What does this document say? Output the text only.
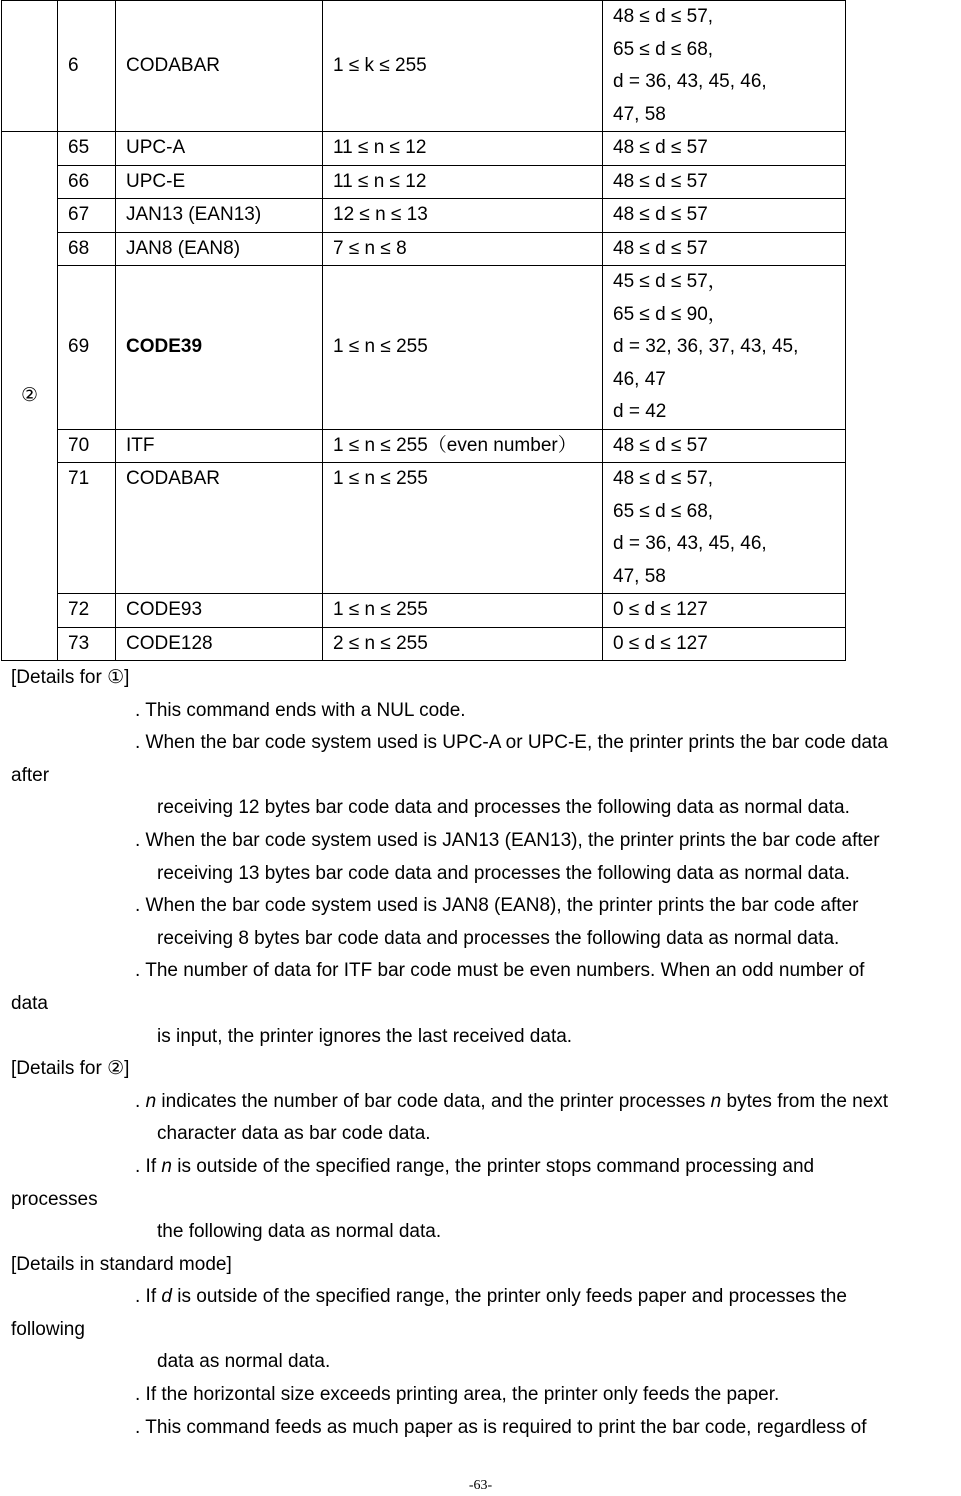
	6	CODABAR	1 ≤ k ≤ 255	48 ≤ d ≤ 57,
65 ≤ d ≤ 68,
d = 36, 43, 45, 46,
47, 58

②	65	UPC-A	11 ≤ n ≤ 12	48 ≤ d ≤ 57
	66	UPC-E	11 ≤ n ≤ 12	48 ≤ d ≤ 57
	67	JAN13 (EAN13)	12 ≤ n ≤ 13	48 ≤ d ≤ 57
	68	JAN8 (EAN8)	7 ≤ n ≤ 8	48 ≤ d ≤ 57
	69	CODE39	1 ≤ n ≤ 255	45 ≤ d ≤ 57，
65 ≤ d ≤ 90，
d = 32, 36, 37, 43, 45,
46, 47
d = 42

	70	ITF	1 ≤ n ≤ 255（even number）	48 ≤ d ≤ 57
	71	CODABAR	1 ≤ n ≤ 255	48 ≤ d ≤ 57,
65 ≤ d ≤ 68,
d = 36, 43, 45, 46,
47, 58

	72	CODE93	1 ≤ n ≤ 255	0 ≤ d ≤ 127
	73	CODE128	2 ≤ n ≤ 255	0 ≤ d ≤ 127
[Details for ①]
. This command ends with a NUL code.
. When the bar code system used is UPC-A or UPC-E, the printer prints the bar code data
after
receiving 12 bytes bar code data and processes the following data as normal data.
. When the bar code system used is JAN13 (EAN13), the printer prints the bar code after
receiving 13 bytes bar code data and processes the following data as normal data.
. When the bar code system used is JAN8 (EAN8), the printer prints the bar code after
receiving 8 bytes bar code data and processes the following data as normal data.
. The number of data for ITF bar code must be even numbers. When an odd number of
data
is input, the printer ignores the last received data.
[Details for ②]
. n indicates the number of bar code data, and the printer processes n bytes from the next
character data as bar code data.
. If n is outside of the specified range, the printer stops command processing and
processes
the following data as normal data.
[Details in standard mode]
. If d is outside of the specified range, the printer only feeds paper and processes the
following
data as normal data.
. If the horizontal size exceeds printing area, the printer only feeds the paper.
. This command feeds as much paper as is required to print the bar code, regardless of
-63-
